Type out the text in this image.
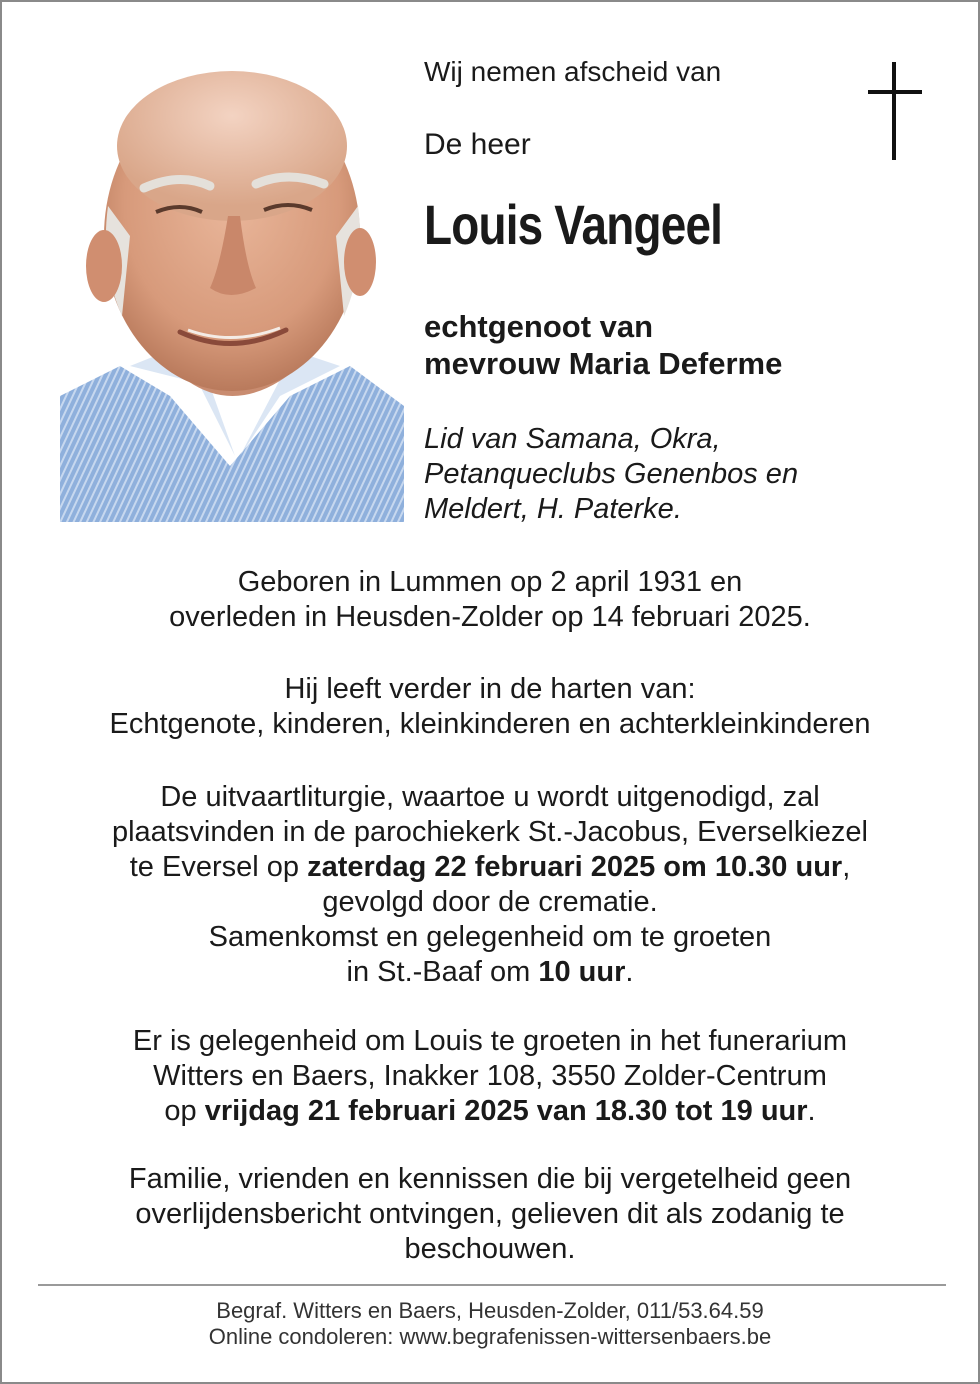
Wij nemen afscheid van
De heer
Louis Vangeel
echtgenoot van
mevrouw Maria Deferme
Lid van Samana, Okra,
Petanqueclubs Genenbos en
Meldert, H. Paterke.

Geboren in Lummen op 2 april 1931 en

overleden in Heusden-Zolder op 14 februari 2025.

Hij leeft verder in de harten van:

Echtgenote, kinderen, kleinkinderen en achterkleinkinderen

De uitvaartliturgie, waartoe u wordt uitgenodigd, zal

plaatsvinden in de parochiekerk St.-Jacobus, Everselkiezel

te Eversel op zaterdag 22 februari 2025 om 10.30 uur,

gevolgd door de crematie.

Samenkomst en gelegenheid om te groeten

in St.-Baaf om 10 uur.

Er is gelegenheid om Louis te groeten in het funerarium

Witters en Baers, Inakker 108, 3550 Zolder-Centrum

op vrijdag 21 februari 2025 van 18.30 tot 19 uur.

Familie, vrienden en kennissen die bij vergetelheid geen

overlijdensbericht ontvingen, gelieven dit als zodanig te

beschouwen.

Begraf. Witters en Baers, Heusden-Zolder, 011/53.64.59

Online condoleren: www.begrafenissen-wittersenbaers.be
